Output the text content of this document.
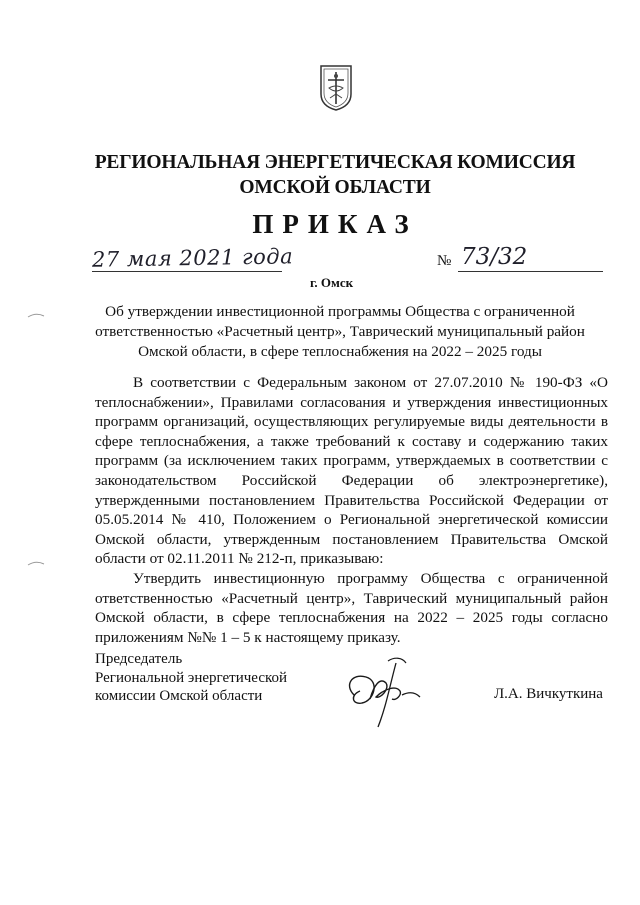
РЕГИОНАЛЬНАЯ ЭНЕРГЕТИЧЕСКАЯ КОМИССИЯ
ОМСКОЙ ОБЛАСТИ
ПРИКАЗ
27 мая 2021 года
г. Омск
№ 73/32
Об утверждении инвестиционной программы Общества с ограниченной
ответственностью «Расчетный центр», Таврический муниципальный район
Омской области, в сфере теплоснабжения на 2022 – 2025 годы

В соответствии с Федеральным законом от 27.07.2010 № 190-ФЗ «О теплоснабжении», Правилами согласования и утверждения инвестиционных программ организаций, осуществляющих регулируемые виды деятельности в сфере теплоснабжения, а также требований к составу и содержанию таких программ (за исключением таких программ, утверждаемых в соответствии с законодательством Российской Федерации об электроэнергетике), утвержденными постановлением Правительства Российской Федерации от 05.05.2014 № 410, Положением о Региональной энергетической комиссии Омской области, утвержденным постановлением Правительства Омской области от 02.11.2011 № 212-п, приказываю:

Утвердить инвестиционную программу Общества с ограниченной ответственностью «Расчетный центр», Таврический муниципальный район Омской области, в сфере теплоснабжения на 2022 – 2025 годы согласно приложениям №№ 1 – 5 к настоящему приказу.

Председатель
Региональной энергетической
комиссии Омской области	Л.А. Вичкуткина
